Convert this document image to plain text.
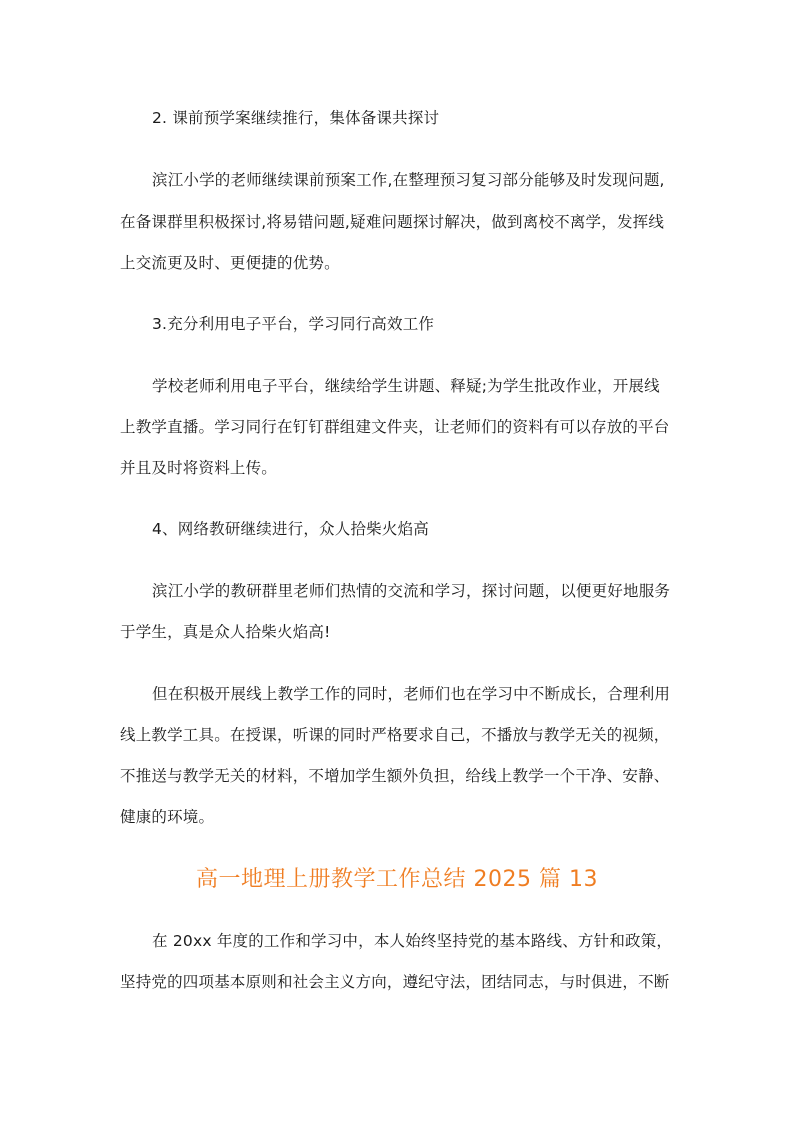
2. 课前预学案继续推行，集体备课共探讨
滨江小学的老师继续课前预案工作,在整理预习复习部分能够及时发现问题,
在备课群里积极探讨,将易错问题,疑难问题探讨解决，做到离校不离学，发挥线
上交流更及时、更便捷的优势。
3.充分利用电子平台，学习同行高效工作
学校老师利用电子平台，继续给学生讲题、释疑;为学生批改作业，开展线
上教学直播。学习同行在钉钉群组建文件夹，让老师们的资料有可以存放的平台
并且及时将资料上传。
4、网络教研继续进行，众人拾柴火焰高
滨江小学的教研群里老师们热情的交流和学习，探讨问题，以便更好地服务
于学生，真是众人拾柴火焰高!
但在积极开展线上教学工作的同时，老师们也在学习中不断成长，合理利用
线上教学工具。在授课，听课的同时严格要求自己，不播放与教学无关的视频，
不推送与教学无关的材料，不增加学生额外负担，给线上教学一个干净、安静、
健康的环境。
高一地理上册教学工作总结 2025 篇 13
在 20xx 年度的工作和学习中，本人始终坚持党的基本路线、方针和政策，
坚持党的四项基本原则和社会主义方向，遵纪守法，团结同志，与时俱进，不断
